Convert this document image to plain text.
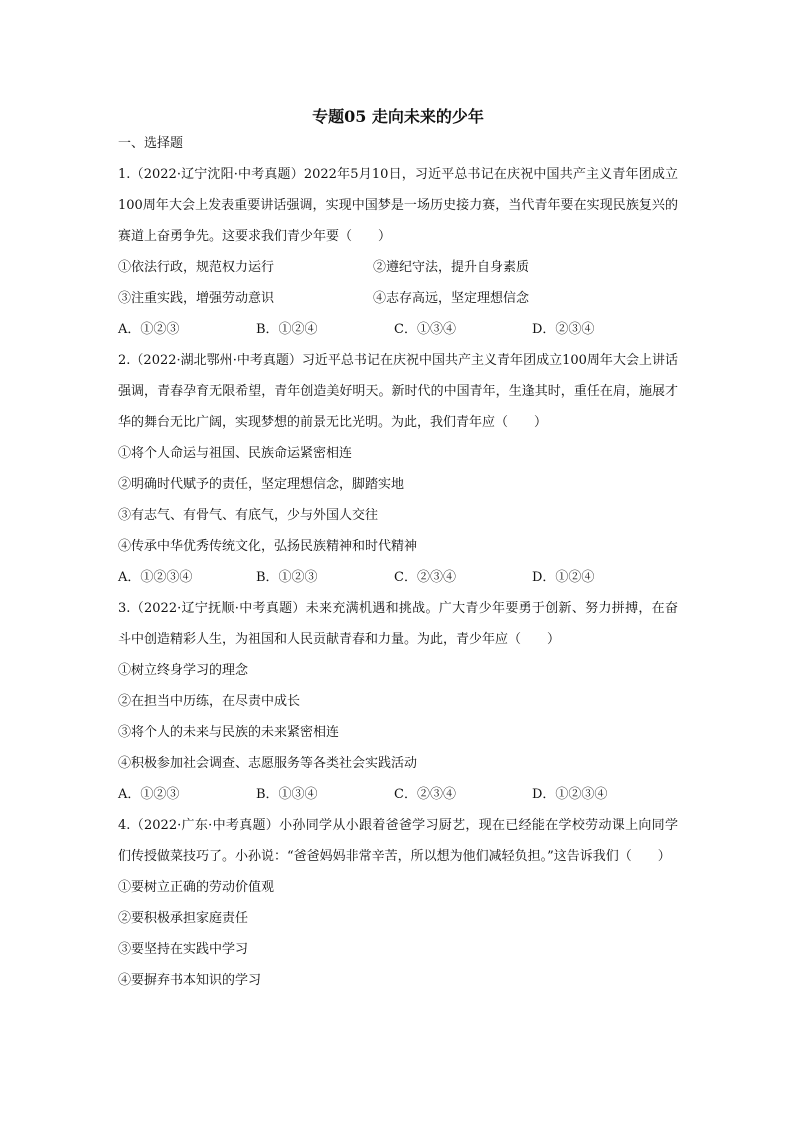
专题05 走向未来的少年
一、选择题

1.（2022·辽宁沈阳·中考真题）2022年5月10日，习近平总书记在庆祝中国共产主义青年团成立100周年大会上发表重要讲话强调，实现中国梦是一场历史接力赛，当代青年要在实现民族复兴的赛道上奋勇争先。这要求我们青少年要（　　）

①依法行政，规范权力运行	②遵纪守法，提升自身素质

③注重实践，增强劳动意识	④志存高远，坚定理想信念

A．①②③	B．①②④	C．①③④	D．②③④

2.（2022·湖北鄂州·中考真题）习近平总书记在庆祝中国共产主义青年团成立100周年大会上讲话强调，青春孕育无限希望，青年创造美好明天。新时代的中国青年，生逢其时，重任在肩，施展才华的舞台无比广阔，实现梦想的前景无比光明。为此，我们青年应（　　）

①将个人命运与祖国、民族命运紧密相连

②明确时代赋予的责任，坚定理想信念，脚踏实地

③有志气、有骨气、有底气，少与外国人交往

④传承中华优秀传统文化，弘扬民族精神和时代精神

A．①②③④	B．①②③	C．②③④	D．①②④

3.（2022·辽宁抚顺·中考真题）未来充满机遇和挑战。广大青少年要勇于创新、努力拼搏，在奋斗中创造精彩人生，为祖国和人民贡献青春和力量。为此，青少年应（　　）

①树立终身学习的理念

②在担当中历练，在尽责中成长

③将个人的未来与民族的未来紧密相连

④积极参加社会调查、志愿服务等各类社会实践活动

A．①②③	B．①③④	C．②③④	D．①②③④

4.（2022·广东·中考真题）小孙同学从小跟着爸爸学习厨艺，现在已经能在学校劳动课上向同学们传授做菜技巧了。小孙说：“爸爸妈妈非常辛苦，所以想为他们减轻负担。”这告诉我们（　　）

①要树立正确的劳动价值观

②要积极承担家庭责任

③要坚持在实践中学习

④要摒弃书本知识的学习
